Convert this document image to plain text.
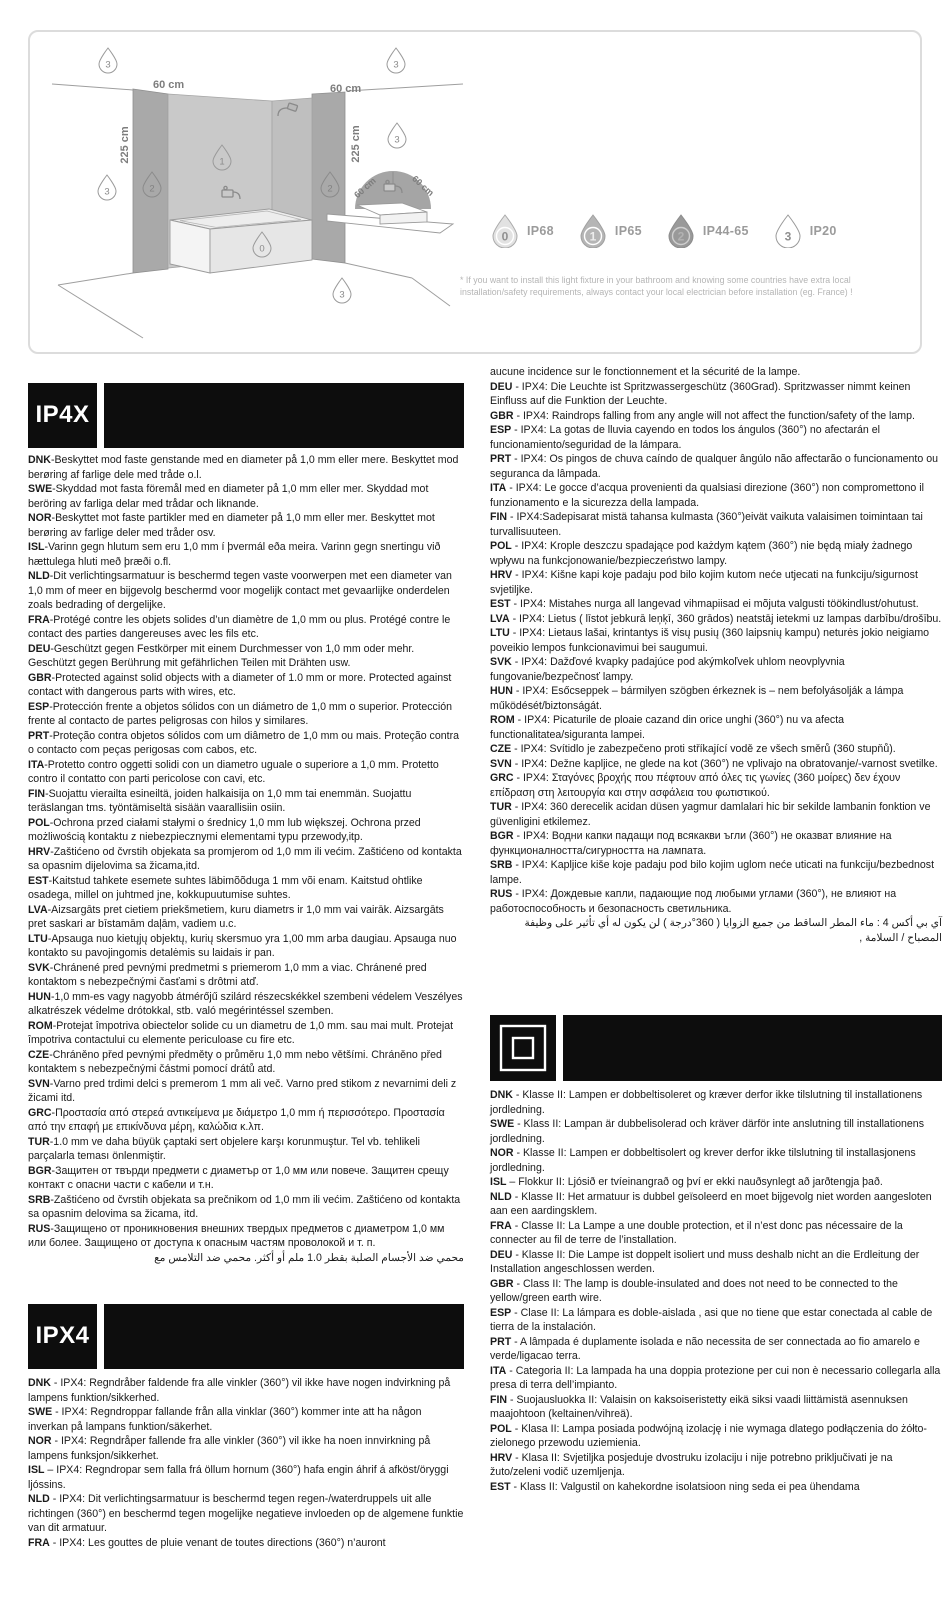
60 cm	60 cm
225 cm	225 cm
60 cm	60 cm
3	3
3
3
3
2	2
1
0
0 IP68	1 IP65	2 IP44-65	3 IP20
* If you want to install this light fixture in your bathroom and knowing some countries have extra local
installation/safety requirements, always contact your local electrician before installation (eg. France) !
IP4X

DNK-Beskyttet mod faste genstande med en diameter på 1,0 mm eller mere. Beskyttet mod berøring af farlige dele med tråde o.l.

SWE-Skyddad mot fasta föremål med en diameter på 1,0 mm eller mer. Skyddad mot beröring av farliga delar med trådar och liknande.

NOR-Beskyttet mot faste partikler med en diameter på 1,0 mm eller mer. Beskyttet mot berøring av farlige deler med tråder osv.

ISL-Varinn gegn hlutum sem eru 1,0 mm í þvermál eða meira. Varinn gegn snertingu við hættulega hluti með þræði o.fl.

NLD-Dit verlichtingsarmatuur is beschermd tegen vaste voorwerpen met een diameter van 1,0 mm of meer en bijgevolg beschermd voor mogelijk contact met gevaarlijke onderdelen zoals bedrading of dergelijke.

FRA-Protégé contre les objets solides d’un diamètre de 1,0 mm ou plus. Protégé contre le contact des parties dangereuses avec les fils etc.

DEU-Geschützt gegen Festkörper mit einem Durchmesser von 1,0 mm oder mehr. Geschützt gegen Berührung mit gefährlichen Teilen mit Drähten usw.

GBR-Protected against solid objects with a diameter of 1.0 mm or more. Protected against contact with dangerous parts with wires, etc.

ESP-Protección frente a objetos sólidos con un diámetro de 1,0 mm o superior. Protección frente al contacto de partes peligrosas con hilos y similares.

PRT-Proteção contra objetos sólidos com um diâmetro de 1,0 mm ou mais. Proteção contra o contacto com peças perigosas com cabos, etc.

ITA-Protetto contro oggetti solidi con un diametro uguale o superiore a 1,0 mm. Protetto contro il contatto con parti pericolose con cavi, etc.

FIN-Suojattu vierailta esineiltä, joiden halkaisija on 1,0 mm tai enemmän. Suojattu teräslangan tms. työntämiseltä sisään vaarallisiin osiin.

POL-Ochrona przed ciałami stałymi o średnicy 1,0 mm lub większej. Ochrona przed możliwością kontaktu z niebezpiecznymi elementami typu przewody,itp.

HRV-Zaštićeno od čvrstih objekata sa promjerom od 1,0 mm ili većim. Zaštićeno od kontakta sa opasnim dijelovima sa žicama,itd.

EST-Kaitstud tahkete esemete suhtes läbimõõduga 1 mm või enam. Kaitstud ohtlike osadega, millel on juhtmed jne, kokkupuutumise suhtes.

LVA-Aizsargāts pret cietiem priekšmetiem, kuru diametrs ir 1,0 mm vai vairāk. Aizsargāts pret saskari ar bīstamām daļām, vadiem u.c.

LTU-Apsauga nuo kietųjų objektų, kurių skersmuo yra 1,00 mm arba daugiau. Apsauga nuo kontakto su pavojingomis detalėmis su laidais ir pan.

SVK-Chránené pred pevnými predmetmi s priemerom 1,0 mm a viac. Chránené pred kontaktom s nebezpečnými časťami s drôtmi atď.

HUN-1,0 mm-es vagy nagyobb átmérőjű szilárd részecskékkel szembeni védelem Veszélyes alkatrészek védelme drótokkal, stb. való megérintéssel szemben.

ROM-Protejat împotriva obiectelor solide cu un diametru de 1,0 mm. sau mai mult. Protejat împotriva contactului cu elemente periculoase cu fire etc.

CZE-Chráněno před pevnými předměty o průměru 1,0 mm nebo většími. Chráněno před kontaktem s nebezpečnými částmi pomocí drátů atd.

SVN-Varno pred trdimi delci s premerom 1 mm ali več. Varno pred stikom z nevarnimi deli z žicami itd.

GRC-Προστασία από στερεά αντικείμενα με διάμετρο 1,0 mm ή περισσότερο. Προστασία από την επαφή με επικίνδυνα μέρη, καλώδια κ.λπ.

TUR-1.0 mm ve daha büyük çaptaki sert objelere karşı korunmuştur. Tel vb. tehlikeli parçalarla teması önlenmiştir.

BGR-Защитен от твърди предмети с диаметър от 1,0 мм или повече. Защитен срещу контакт с опасни части с кабели и т.н.

SRB-Zaštićeno od čvrstih objekata sa prečnikom od 1,0 mm ili većim. Zaštićeno od kontakta sa opasnim delovima sa žicama, itd.

RUS-Защищено от проникновения внешних твердых предметов с диаметром 1,0 мм или более. Защищено от доступа к опасным частям проволокой и т. п.

محمي ضد الأجسام الصلبة بقطر 1.0 ملم أو أكثر. محمي ضد التلامس مع

IPX4

DNK - IPX4: Regndråber faldende fra alle vinkler (360°) vil ikke have nogen indvirkning på lampens funktion/sikkerhed.

SWE - IPX4: Regndroppar fallande från alla vinklar (360°) kommer inte att ha någon inverkan på lampans funktion/säkerhet.

NOR - IPX4: Regndråper fallende fra alle vinkler (360°) vil ikke ha noen innvirkning på lampens funksjon/sikkerhet.

ISL – IPX4: Regndropar sem falla frá öllum hornum (360°) hafa engin áhrif á afköst/öryggi ljóssins.

NLD - IPX4: Dit verlichtingsarmatuur is beschermd tegen regen-/waterdruppels uit alle richtingen (360°) en beschermd tegen mogelijke negatieve invloeden op de algemene funktie van dit armatuur.

FRA - IPX4: Les gouttes de pluie venant de toutes directions (360°) n’auront

aucune incidence sur le fonctionnement et la sécurité de la lampe.

DEU - IPX4: Die Leuchte ist Spritzwassergeschütz (360Grad). Spritzwasser nimmt keinen Einfluss auf die Funktion der Leuchte.

GBR - IPX4: Raindrops falling from any angle will not affect the function/safety of the lamp.

ESP - IPX4: La gotas de lluvia cayendo en todos los ángulos (360°) no afectarán el funcionamiento/seguridad de la lámpara.

PRT - IPX4: Os pingos de chuva caíndo de qualquer ângúlo não affectarão o funcionamento ou seguranca da lâmpada.

ITA - IPX4: Le gocce d’acqua provenienti da qualsiasi direzione (360°) non compromettono il funzionamento e la sicurezza della lampada.

FIN - IPX4:Sadepisarat mistä tahansa kulmasta (360°)eivät vaikuta valaisimen toimintaan tai turvallisuuteen.

POL - IPX4: Krople deszczu spadające pod każdym kątem (360°) nie będą miały żadnego wpływu na funkcjonowanie/bezpieczeństwo lampy.

HRV - IPX4: Kišne kapi koje padaju pod bilo kojim kutom neće utjecati na funkciju/sigurnost svjetiljke.

EST - IPX4: Mistahes nurga all langevad vihmapiisad ei mõjuta valgusti töökindlust/ohutust.

LVA - IPX4: Lietus ( līstot jebkurā leņķī, 360 grādos) neatstāj ietekmi uz lampas darbību/drošību.

LTU - IPX4: Lietaus lašai, krintantys iš visų pusių (360 laipsnių kampu) neturės jokio neigiamo poveikio lempos funkcionavimui bei saugumui.

SVK - IPX4: Dažďové kvapky padajúce pod akýmkoľvek uhlom neovplyvnia fungovanie/bezpečnosť lampy.

HUN - IPX4: Esőcseppek – bármilyen szögben érkeznek is – nem befolyásolják a lámpa működését/biztonságát.

ROM - IPX4: Picaturile de ploaie cazand din orice unghi (360°) nu va afecta functionalitatea/siguranta lampei.

CZE - IPX4: Svítidlo je zabezpečeno proti stříkající vodě ze všech směrů (360 stupňů).

SVN - IPX4: Dežne kapljice, ne glede na kot (360°) ne vplivajo na obratovanje/-varnost svetilke.

GRC - IPX4: Σταγόνες βροχής που πέφτουν από όλες τις γωνίες (360 μοίρες) δεν έχουν επίδραση στη λειτουργία και στην ασφάλεια του φωτιστικού.

TUR - IPX4: 360 derecelik acidan düsen yagmur damlalari hic bir sekilde lambanin fonktion ve güvenligini etkilemez.

BGR - IPX4: Водни капки падащи под всякакви ъгли (360°) не оказват влияние на функционалността/сигурността на лампата.

SRB - IPX4: Kapljice kiše koje padaju pod bilo kojim uglom neće uticati na funkciju/bezbednost lampe.

RUS - IPX4: Дождевые капли, падающие под любыми углами (360°), не влияют на работоспособность и безопасность светильника.

آي بي أكس 4 : ماء المطر الساقط من جميع الزوايا ( 360°درجة ) لن يكون له أي تأثير على وظيفة المصباح / السلامة ,

DNK - Klasse II: Lampen er dobbeltisoleret og kræver derfor ikke tilslutning til installationens jordledning.

SWE - Klass II: Lampan är dubbelisolerad och kräver därför inte anslutning till installationens jordledning.

NOR - Klasse II: Lampen er dobbeltisolert og krever derfor ikke tilslutning til installasjonens jordledning.

ISL – Flokkur II: Ljósið er tvíeinangrað og því er ekki nauðsynlegt að jarðtengja það.

NLD - Klasse II: Het armatuur is dubbel geïsoleerd en moet bijgevolg niet worden aangesloten aan een aardingsklem.

FRA - Classe II: La Lampe a une double protection, et il n’est donc pas nécessaire de la connecter au fil de terre de l’installation.

DEU - Klasse II: Die Lampe ist doppelt isoliert und muss deshalb nicht an die Erdleitung der Installation angeschlossen werden.

GBR - Class II: The lamp is double-insulated and does not need to be connected to the yellow/green earth wire.

ESP - Clase II: La lámpara es doble-aislada , asi que no tiene que estar conectada al cable de tierra de la instalación.

PRT - A lâmpada é duplamente isolada e não necessita de ser connectada ao fio amarelo e verde/ligacao terra.

ITA - Categoria II: La lampada ha una doppia protezione per cui non è necessario collegarla alla presa di terra dell’impianto.

FIN - Suojausluokka II: Valaisin on kaksoiseristetty eikä siksi vaadi liittämistä asennuksen maajohtoon (keltainen/vihreä).

POL - Klasa II: Lampa posiada podwójną izolację i nie wymaga dlatego podłączenia do żółto-zielonego przewodu uziemienia.

HRV - Klasa II: Svjetiljka posjeduje dvostruku izolaciju i nije potrebno priključivati je na žuto/zeleni vodič uzemljenja.

EST - Klass II: Valgustil on kahekordne isolatsioon ning seda ei pea ühendama
